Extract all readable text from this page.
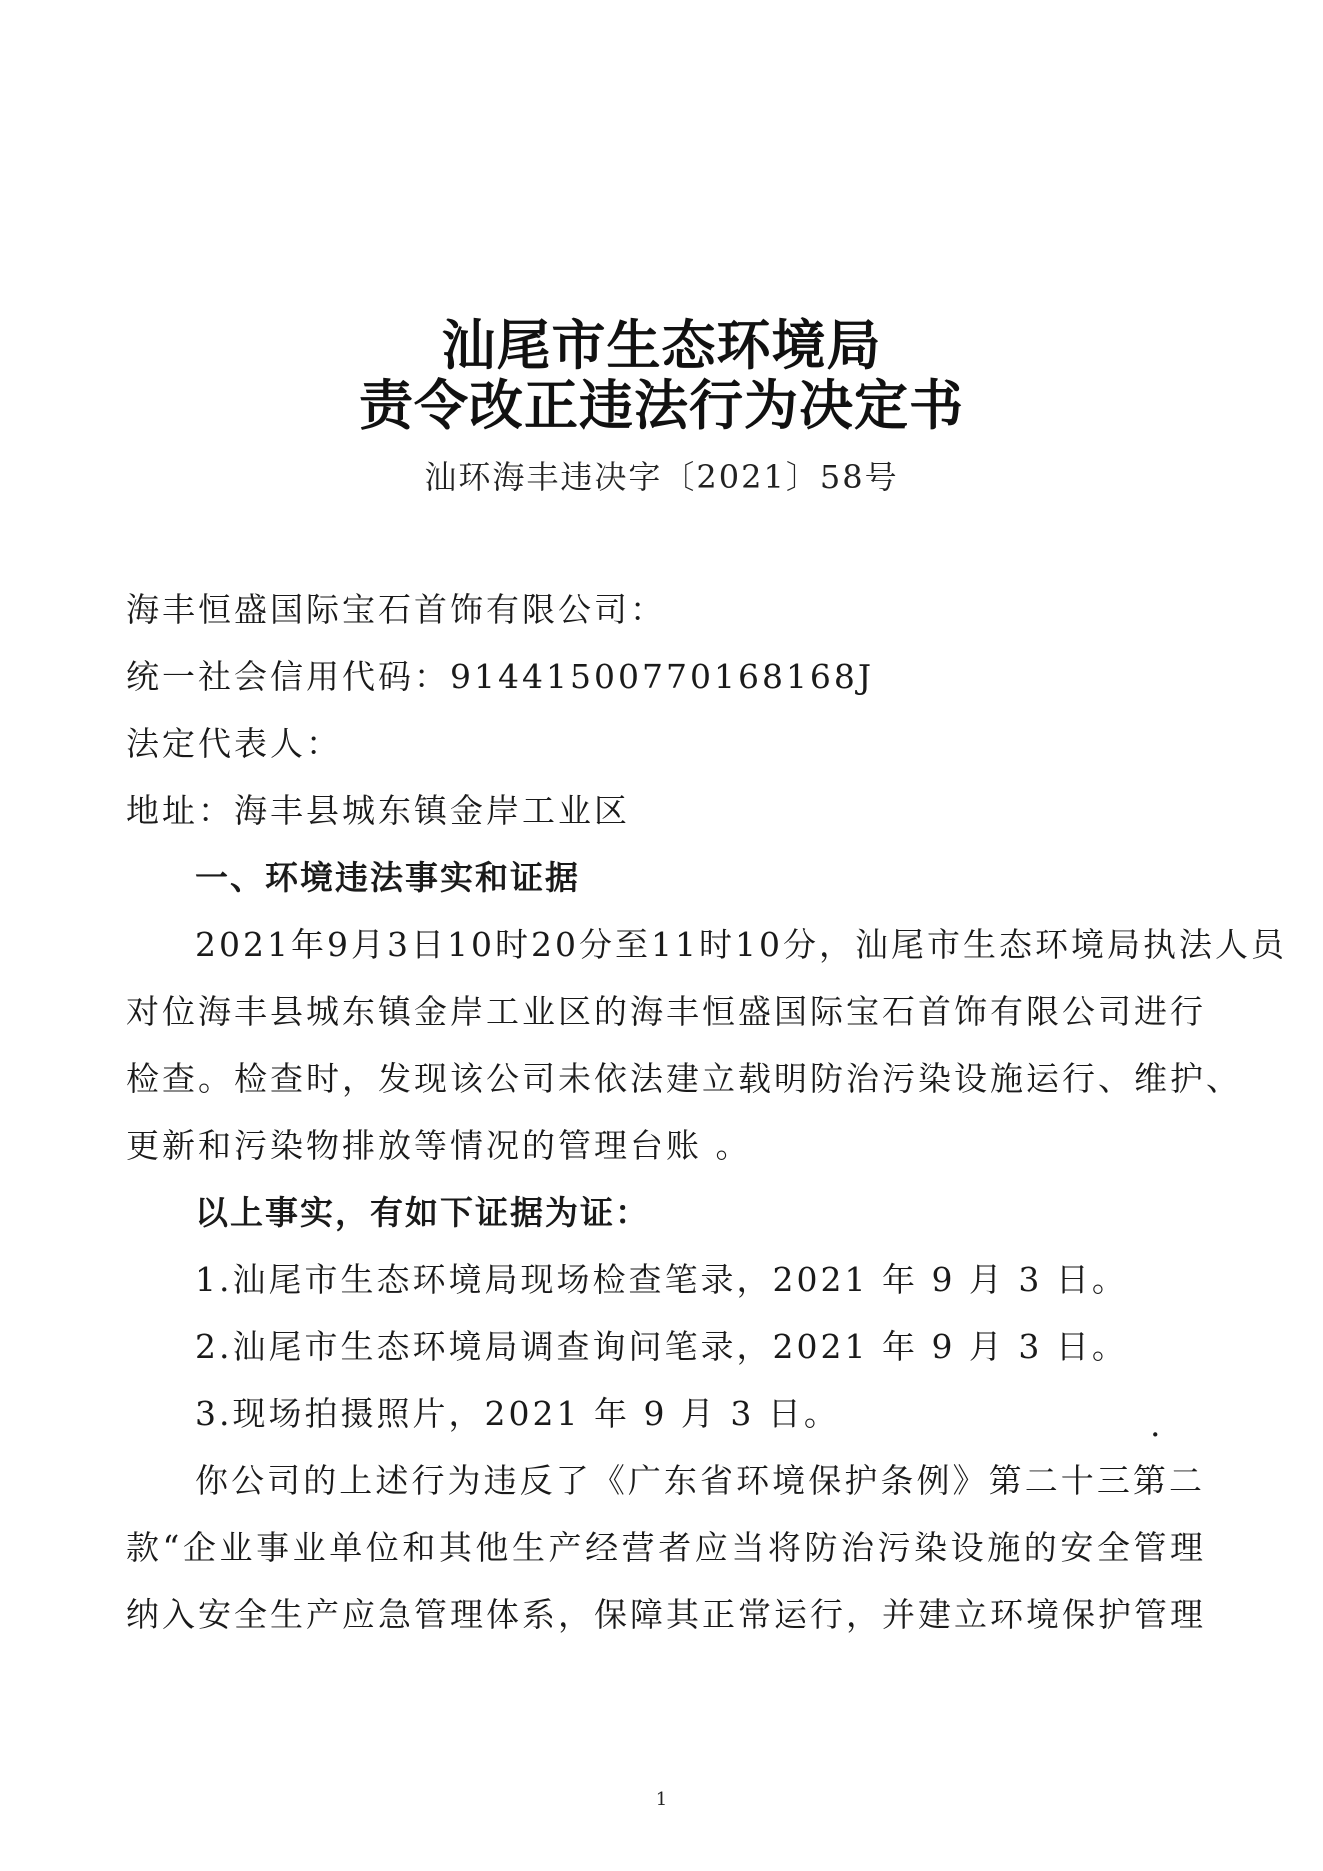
汕尾市生态环境局
责令改正违法行为决定书
汕环海丰违决字〔2021〕58号
海丰恒盛国际宝石首饰有限公司：
统一社会信用代码：91441500770168168J
法定代表人：
地址：海丰县城东镇金岸工业区
一、环境违法事实和证据
2021年9月3日10时20分至11时10分，汕尾市生态环境局执法人员
对位海丰县城东镇金岸工业区的海丰恒盛国际宝石首饰有限公司进行
检查。检查时，发现该公司未依法建立载明防治污染设施运行、维护、
更新和污染物排放等情况的管理台账 。
以上事实，有如下证据为证：
1.汕尾市生态环境局现场检查笔录，2021 年 9 月 3 日。
2.汕尾市生态环境局调查询问笔录，2021 年 9 月 3 日。
3.现场拍摄照片，2021 年 9 月 3 日。	.
你公司的上述行为违反了《广东省环境保护条例》第二十三第二
款“企业事业单位和其他生产经营者应当将防治污染设施的安全管理
纳入安全生产应急管理体系，保障其正常运行，并建立环境保护管理
1
